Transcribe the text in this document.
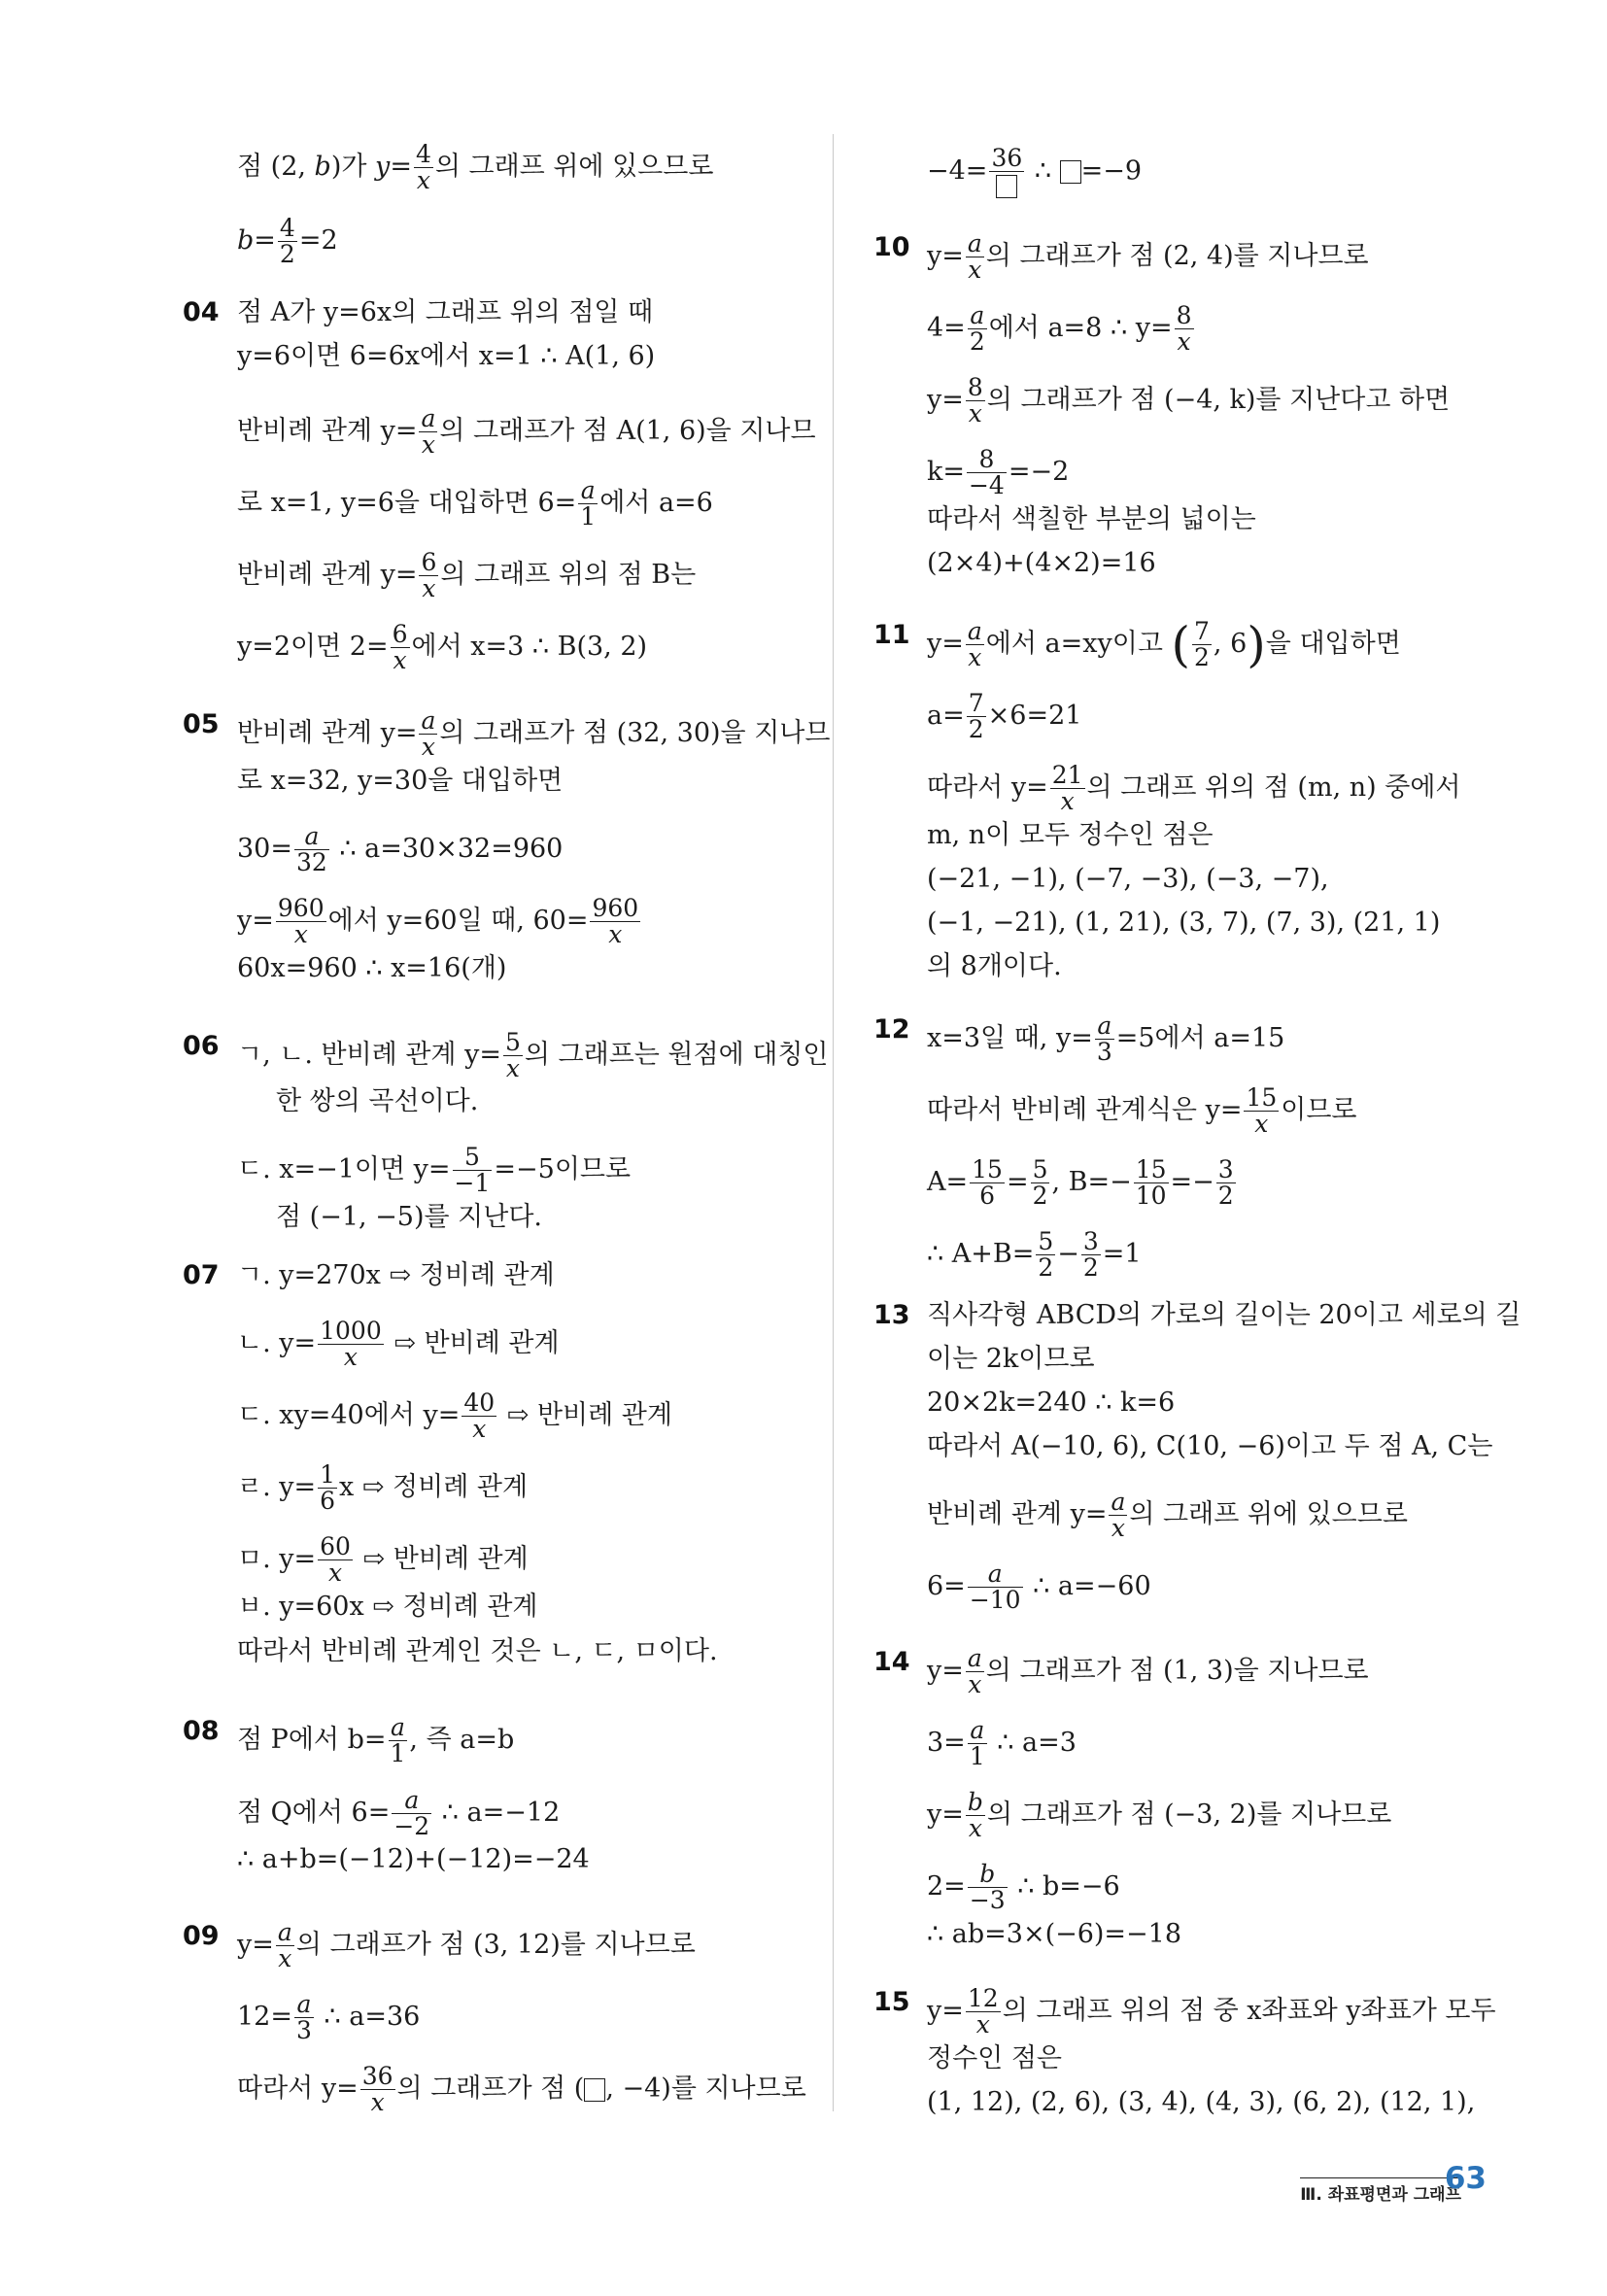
점 (2, b)가 $y= \frac{4}{x}$ 의 그래프 위에 있으므로
$b= \frac{4}{2} =2$
04 점 A가 y=6x의 그래프 위의 점일 때
y=6이면 6=6x에서 x=1 ∴ A(1, 6)
반비례 관계 $y= \frac{a}{x}$ 의 그래프가 점 A(1, 6)을 지나므
로 x=1, y=6을 대입하면 $6= \frac{a}{1}$ 에서 a=6
반비례 관계 $y= \frac{6}{x}$ 의 그래프 위의 점 B는
y=2이면 $2= \frac{6}{x}$ 에서 x=3 ∴ B(3, 2)
05 반비례 관계 $y= \frac{a}{x}$ 의 그래프가 점 (32, 30)을 지나므
로 x=32, y=30을 대입하면
$30= \frac{a}{32}$ ∴ a=30×32=960
$y= \frac{960}{x}$ 에서 y=60일 때, $60= \frac{960}{x}$
60x=960 ∴ x=16(개)
06 ㄱ, ㄴ. 반비례 관계 $y= \frac{5}{x}$ 의 그래프는 원점에 대칭인
한 쌍의 곡선이다.
ㄷ. x=−1이면 $y= \frac{5}{-1} =-5$이므로
점 (−1, −5)를 지난다.
07 ㄱ. y=270x ⇨ 정비례 관계
ㄴ. $y= \frac{1000}{x}$ ⇨ 반비례 관계
ㄷ. xy=40에서 $y= \frac{40}{x}$ ⇨ 반비례 관계
ㄹ. $y= \frac{1}{6}$ x ⇨ 정비례 관계
ㅁ. $y= \frac{60}{x}$ ⇨ 반비례 관계
ㅂ. y=60x ⇨ 정비례 관계
따라서 반비례 관계인 것은 ㄴ, ㄷ, ㅁ이다.
08 점 P에서 $b= \frac{a}{1}$ , 즉 a=b
점 Q에서 $6= \frac{a}{-2}$ ∴ a=−12
∴ a+b=(−12)+(−12)=−24
09 $y= \frac{a}{x}$ 의 그래프가 점 (3, 12)를 지나므로
$12= \frac{a}{3}$ ∴ a=36
따라서 $y= \frac{36}{x}$ 의 그래프가 점 ( , −4)를 지나므로
−4= 36 ∴ =−9
10 $y= \frac{a}{x}$ 의 그래프가 점 (2, 4)를 지나므로
$4= \frac{a}{2}$ 에서 a=8 ∴ $y= \frac{8}{x}$
$y= \frac{8}{x}$ 의 그래프가 점 (−4, k)를 지난다고 하면
$k= \frac{8}{-4} =-2$
따라서 색칠한 부분의 넓이는
(2×4)+(4×2)=16
11 $y= \frac{a}{x}$ 에서 a=xy이고 ( $\frac{7}{2}$ , 6)을 대입하면
$a= \frac{7}{2} \times 6=21$
따라서 $y= \frac{21}{x}$ 의 그래프 위의 점 (m, n) 중에서
m, n이 모두 정수인 점은
(−21, −1), (−7, −3), (−3, −7),
(−1, −21), (1, 21), (3, 7), (7, 3), (21, 1)
의 8개이다.
12 x=3일 때, $y= \frac{a}{3} =5$에서 a=15
따라서 반비례 관계식은 $y= \frac{15}{x}$ 이므로
$A= \frac{15}{6} = \frac{5}{2}$ , $B=- \frac{15}{10} =- \frac{3}{2}$
∴ $A+B= \frac{5}{2} - \frac{3}{2} =1$
13 직사각형 ABCD의 가로의 길이는 20이고 세로의 길
이는 2k이므로
20×2k=240 ∴ k=6
따라서 A(−10, 6), C(10, −6)이고 두 점 A, C는
반비례 관계 $y= \frac{a}{x}$ 의 그래프 위에 있으므로
$6= \frac{a}{-10}$ ∴ a=−60
14 $y= \frac{a}{x}$ 의 그래프가 점 (1, 3)을 지나므로
$3= \frac{a}{1}$ ∴ a=3
$y= \frac{b}{x}$ 의 그래프가 점 (−3, 2)를 지나므로
$2= \frac{b}{-3}$ ∴ b=−6
∴ ab=3×(−6)=−18
15 $y= \frac{12}{x}$ 의 그래프 위의 점 중 x좌표와 y좌표가 모두
정수인 점은
(1, 12), (2, 6), (3, 4), (4, 3), (6, 2), (12, 1),
Ⅲ. 좌표평면과 그래프
63
